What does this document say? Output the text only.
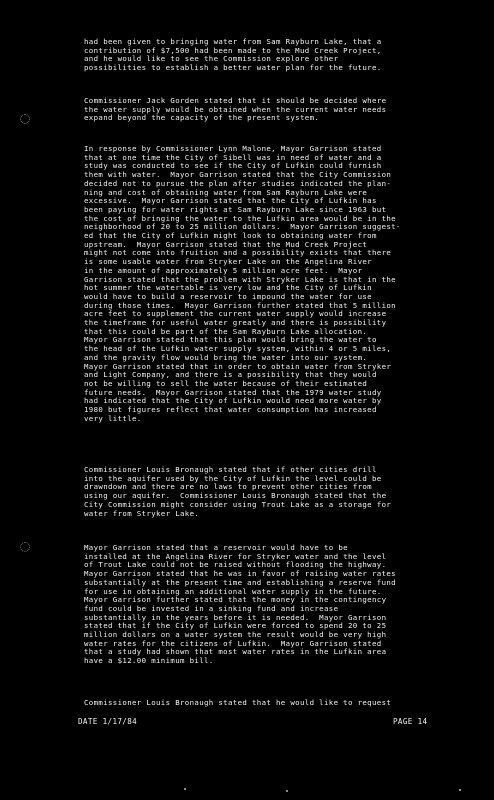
had been given to bringing water from Sam Rayburn Lake, that a
contribution of $7,500 had been made to the Mud Creek Project,
and he would like to see the Commission explore other
possibilities to establish a better water plan for the future.
Commissioner Jack Gorden stated that it should be decided where
the water supply would be obtained when the current water needs
expand beyond the capacity of the present system.
In response by Commissioner Lynn Malone, Mayor Garrison stated
that at one time the City of Sibell was in need of water and a
study was conducted to see if the City of Lufkin could furnish
them with water.  Mayor Garrison stated that the City Commission
decided not to pursue the plan after studies indicated the plan-
ning and cost of obtaining water from Sam Rayburn Lake were
excessive.  Mayor Garrison stated that the City of Lufkin has
been paying for water rights at Sam Rayburn Lake since 1963 but
the cost of bringing the water to the Lufkin area would be in the
neighborhood of 20 to 25 million dollars.  Mayor Garrison suggest-
ed that the City of Lufkin might look to obtaining water from
upstream.  Mayor Garrison stated that the Mud Creek Project
might not come into fruition and a possibility exists that there
is some usable water from Stryker Lake on the Angelina River
in the amount of approximately 5 million acre feet.  Mayor
Garrison stated that the problem with Stryker Lake is that in the
hot summer the watertable is very low and the City of Lufkin
would have to build a reservoir to impound the water for use
during those times.  Mayor Garrison further stated that 5 million
acre feet to supplement the current water supply would increase
the timeframe for useful water greatly and there is possibility
that this could be part of the Sam Rayburn Lake allocation.
Mayor Garrison stated that this plan would bring the water to
the head of the Lufkin water supply system, within 4 or 5 miles,
and the gravity flow would bring the water into our system.
Mayor Garrison stated that in order to obtain water from Stryker
and Light Company, and there is a possibility that they would
not be willing to sell the water because of their estimated
future needs.  Mayor Garrison stated that the 1979 water study
had indicated that the City of Lufkin would need more water by
1980 but figures reflect that water consumption has increased
very little.
Commissioner Louis Bronaugh stated that if other cities drill
into the aquifer used by the City of Lufkin the level could be
drawndown and there are no laws to prevent other cities from
using our aquifer.  Commissioner Louis Bronaugh stated that the
City Commission might consider using Trout Lake as a storage for
water from Stryker Lake.
Mayor Garrison stated that a reservoir would have to be
installed at the Angelina River for Stryker water and the level
of Trout Lake could not be raised without flooding the highway.
Mayor Garrison stated that he was in favor of raising water rates
substantially at the present time and establishing a reserve fund
for use in obtaining an additional water supply in the future.
Mayor Garrison further stated that the money in the contingency
fund could be invested in a sinking fund and increase
substantially in the years before it is needed.  Mayor Garrison
stated that if the City of Lufkin were forced to spend 20 to 25
million dollars on a water system the result would be very high
water rates for the citizens of Lufkin.  Mayor Garrison stated
that a study had shown that most water rates in the Lufkin area
have a $12.00 minimum bill.
Commissioner Louis Bronaugh stated that he would like to request
DATE 1/17/84	PAGE 14
